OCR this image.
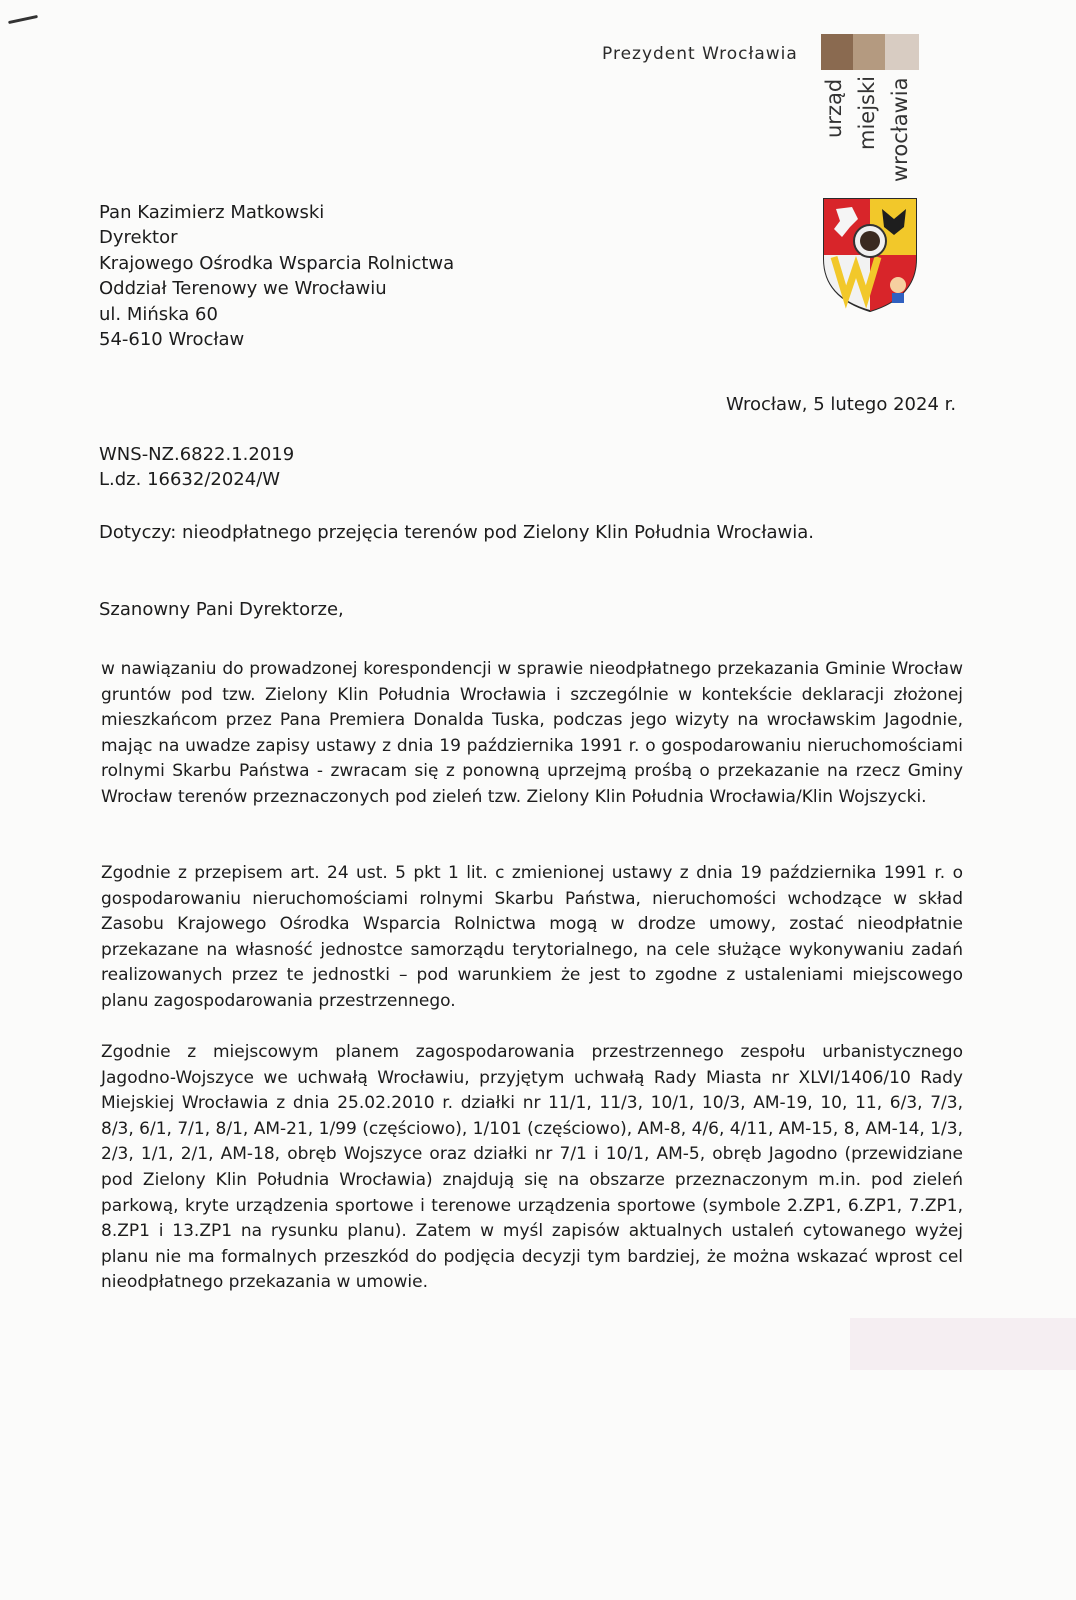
Prezydent Wrocławia
urząd miejski wrocławia
Pan Kazimierz Matkowski
Dyrektor
Krajowego Ośrodka Wsparcia Rolnictwa
Oddział Terenowy we Wrocławiu
ul. Mińska 60
54-610 Wrocław
Wrocław, 5 lutego 2024 r.
WNS-NZ.6822.1.2019
L.dz. 16632/2024/W
Dotyczy: nieodpłatnego przejęcia terenów pod Zielony Klin Południa Wrocławia.
Szanowny Pani Dyrektorze,
w nawiązaniu do prowadzonej korespondencji w sprawie nieodpłatnego przekazania Gminie Wrocław gruntów pod tzw. Zielony Klin Południa Wrocławia i szczególnie w kontekście deklaracji złożonej mieszkańcom przez Pana Premiera Donalda Tuska, podczas jego wizyty na wrocławskim Jagodnie, mając na uwadze zapisy ustawy z dnia 19 października 1991 r. o gospodarowaniu nieruchomościami rolnymi Skarbu Państwa - zwracam się z ponowną uprzejmą prośbą o przekazanie na rzecz Gminy Wrocław terenów przeznaczonych pod zieleń tzw. Zielony Klin Południa Wrocławia/Klin Wojszycki.
Zgodnie z przepisem art. 24 ust. 5 pkt 1 lit. c zmienionej ustawy z dnia 19 października 1991 r. o gospodarowaniu nieruchomościami rolnymi Skarbu Państwa, nieruchomości wchodzące w skład Zasobu Krajowego Ośrodka Wsparcia Rolnictwa mogą w drodze umowy, zostać nieodpłatnie przekazane na własność jednostce samorządu terytorialnego, na cele służące wykonywaniu zadań realizowanych przez te jednostki – pod warunkiem że jest to zgodne z ustaleniami miejscowego planu zagospodarowania przestrzennego.
Zgodnie z miejscowym planem zagospodarowania przestrzennego zespołu urbanistycznego Jagodno-Wojszyce we uchwałą Wrocławiu, przyjętym uchwałą Rady Miasta nr XLVI/1406/10 Rady Miejskiej Wrocławia z dnia 25.02.2010 r. działki nr 11/1, 11/3, 10/1, 10/3, AM-19, 10, 11, 6/3, 7/3, 8/3, 6/1, 7/1, 8/1, AM-21, 1/99 (częściowo), 1/101 (częściowo), AM-8, 4/6, 4/11, AM-15, 8, AM-14, 1/3, 2/3, 1/1, 2/1, AM-18, obręb Wojszyce oraz działki nr 7/1 i 10/1, AM-5, obręb Jagodno (przewidziane pod Zielony Klin Południa Wrocławia) znajdują się na obszarze przeznaczonym m.in. pod zieleń parkową, kryte urządzenia sportowe i terenowe urządzenia sportowe (symbole 2.ZP1, 6.ZP1, 7.ZP1, 8.ZP1 i 13.ZP1 na rysunku planu). Zatem w myśl zapisów aktualnych ustaleń cytowanego wyżej planu nie ma formalnych przeszkód do podjęcia decyzji tym bardziej, że można wskazać wprost cel nieodpłatnego przekazania w umowie.
